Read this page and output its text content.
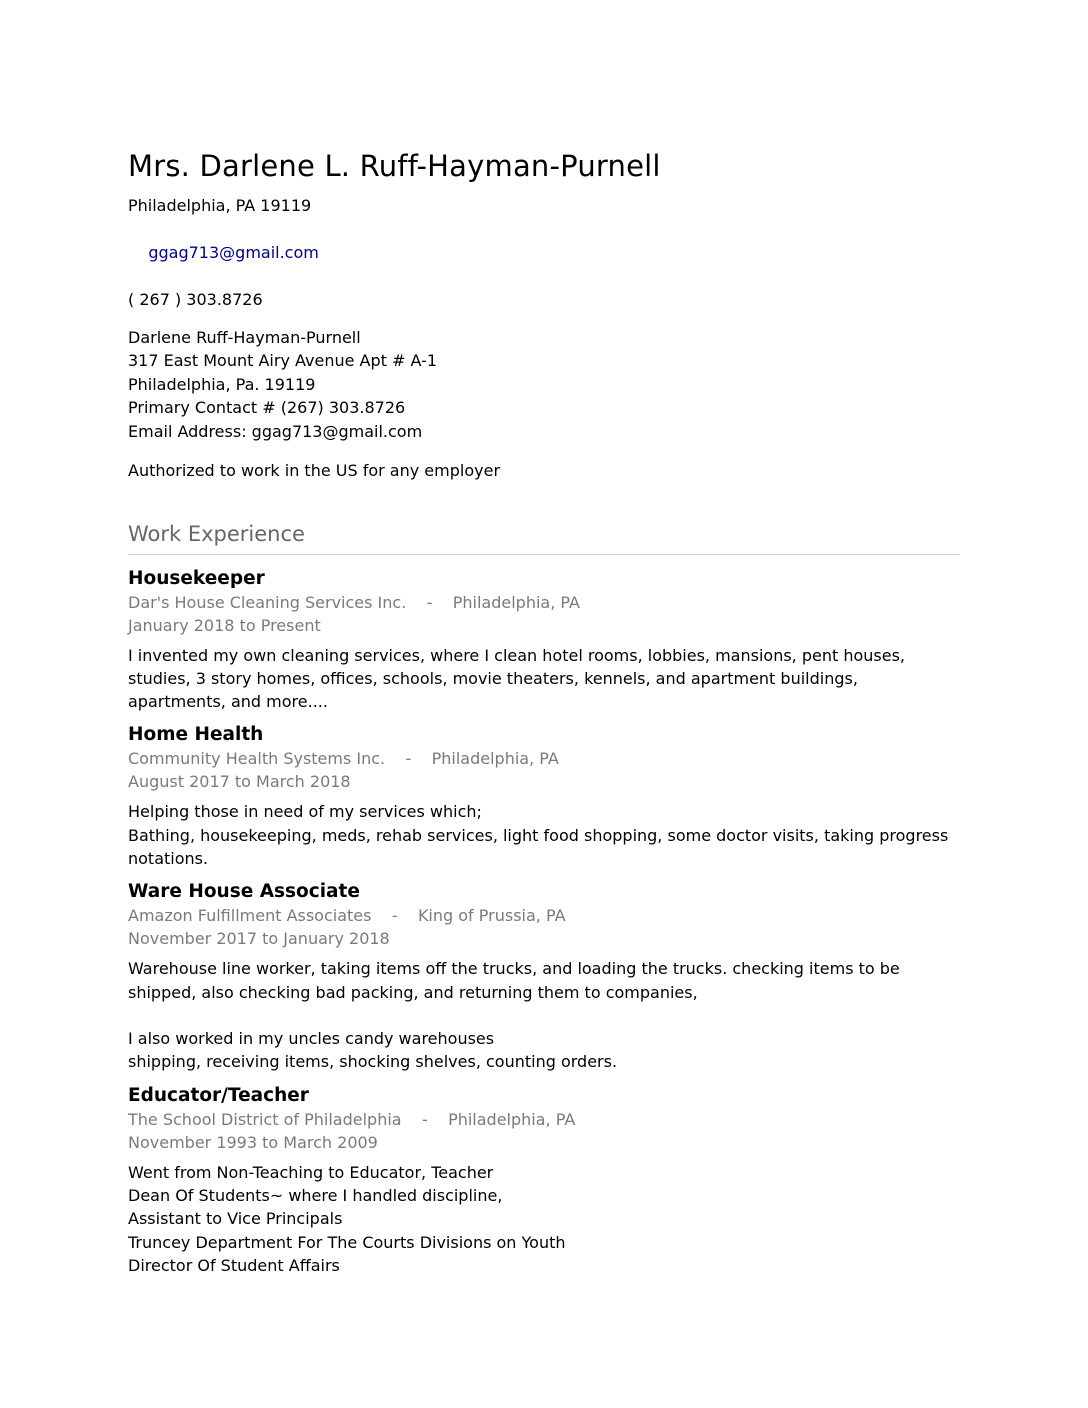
Mrs. Darlene L. Ruff-Hayman-Purnell

Philadelphia, PA 19119

ggag713@gmail.com

( 267 ) 303.8726

Darlene Ruff-Hayman-Purnell

317 East Mount Airy Avenue Apt # A-1

Philadelphia, Pa. 19119

Primary Contact # (267) 303.8726

Email Address: ggag713@gmail.com

Authorized to work in the US for any employer

Work Experience

Housekeeper

Dar's House Cleaning Services Inc. - Philadelphia, PA

January 2018 to Present

I invented my own cleaning services, where I clean hotel rooms, lobbies, mansions, pent houses, studies, 3 story homes, offices, schools, movie theaters, kennels, and apartment buildings, apartments, and more....

Home Health

Community Health Systems Inc. - Philadelphia, PA

August 2017 to March 2018

Helping those in need of my services which;
Bathing, housekeeping, meds, rehab services, light food shopping, some doctor visits, taking progress notations.

Ware House Associate

Amazon Fulfillment Associates - King of Prussia, PA

November 2017 to January 2018

Warehouse line worker, taking items off the trucks, and loading the trucks. checking items to be shipped, also checking bad packing, and returning them to companies,

I also worked in my uncles candy warehouses
shipping, receiving items, shocking shelves, counting orders.

Educator/Teacher

The School District of Philadelphia - Philadelphia, PA

November 1993 to March 2009

Went from Non-Teaching to Educator, Teacher
Dean Of Students~ where I handled discipline,
Assistant to Vice Principals
Truncey Department For The Courts Divisions on Youth
Director Of Student Affairs
